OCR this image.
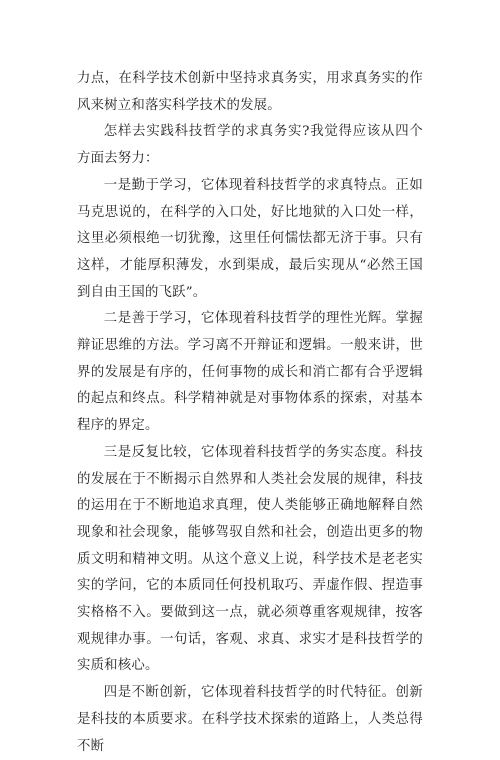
力点，在科学技术创新中坚持求真务实，用求真务实的作风来树立和落实科学技术的发展。

怎样去实践科技哲学的求真务实?我觉得应该从四个方面去努力：

一是勤于学习，它体现着科技哲学的求真特点。正如马克思说的，在科学的入口处，好比地狱的入口处一样，这里必须根绝一切犹豫，这里任何懦怯都无济于事。只有这样，才能厚积薄发，水到渠成，最后实现从“必然王国到自由王国的飞跃”。

二是善于学习，它体现着科技哲学的理性光辉。掌握辩证思维的方法。学习离不开辩证和逻辑。一般来讲，世界的发展是有序的，任何事物的成长和消亡都有合乎逻辑的起点和终点。科学精神就是对事物体系的探索，对基本程序的界定。

三是反复比较，它体现着科技哲学的务实态度。科技的发展在于不断揭示自然界和人类社会发展的规律，科技的运用在于不断地追求真理，使人类能够正确地解释自然现象和社会现象，能够驾驭自然和社会，创造出更多的物质文明和精神文明。从这个意义上说，科学技术是老老实实的学问，它的本质同任何投机取巧、弄虚作假、捏造事实格格不入。要做到这一点，就必须尊重客观规律，按客观规律办事。一句话，客观、求真、求实才是科技哲学的实质和核心。

四是不断创新，它体现着科技哲学的时代特征。创新是科技的本质要求。在科学技术探索的道路上，人类总得不断
